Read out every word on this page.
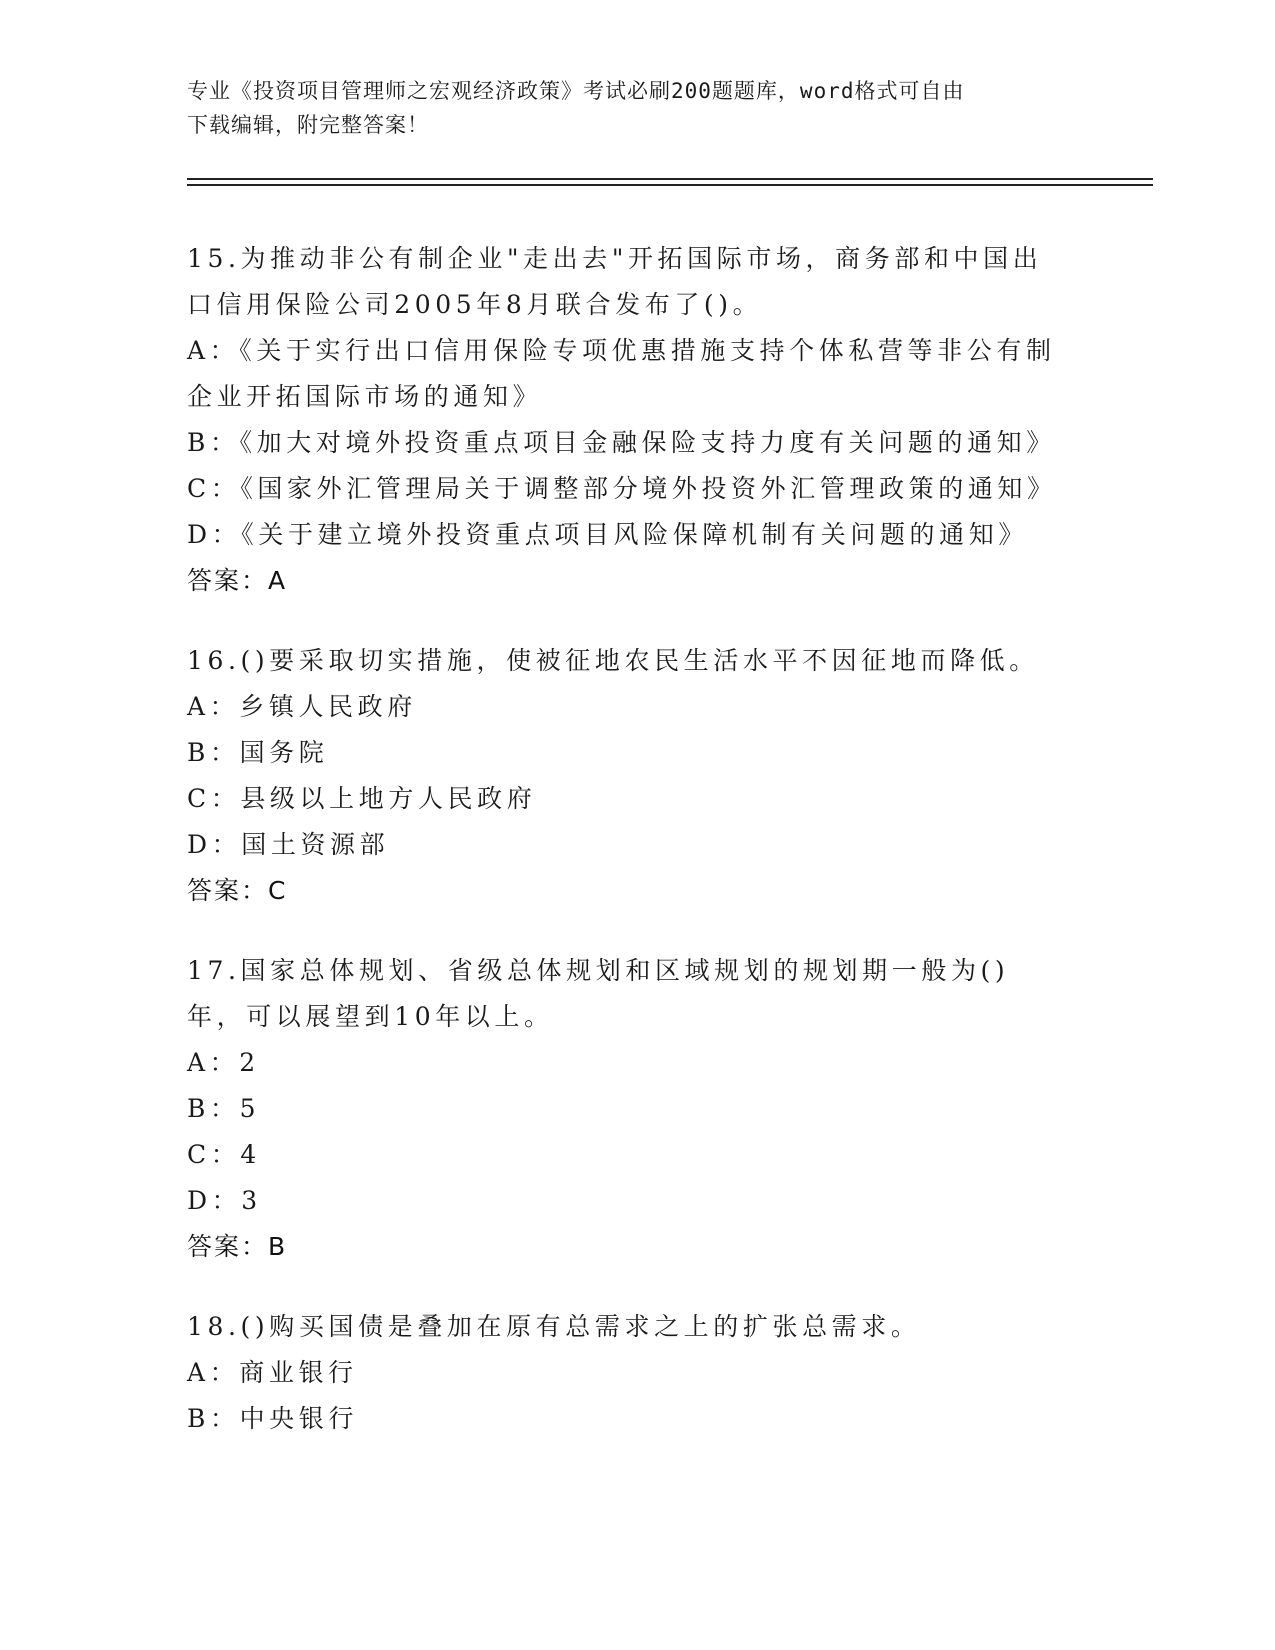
专业《投资项目管理师之宏观经济政策》考试必刷200题题库，word格式可自由
下载编辑，附完整答案！
15.为推动非公有制企业"走出去"开拓国际市场，商务部和中国出口信用保险公司2005年8月联合发布了()。
A：《关于实行出口信用保险专项优惠措施支持个体私营等非公有制企业开拓国际市场的通知》
B：《加大对境外投资重点项目金融保险支持力度有关问题的通知》
C：《国家外汇管理局关于调整部分境外投资外汇管理政策的通知》
D：《关于建立境外投资重点项目风险保障机制有关问题的通知》
答案：A
16.()要采取切实措施，使被征地农民生活水平不因征地而降低。
A：乡镇人民政府
B：国务院
C：县级以上地方人民政府
D：国土资源部
答案：C
17.国家总体规划、省级总体规划和区域规划的规划期一般为()年，可以展望到10年以上。
A：2
B：5
C：4
D：3
答案：B
18.()购买国债是叠加在原有总需求之上的扩张总需求。
A：商业银行
B：中央银行
